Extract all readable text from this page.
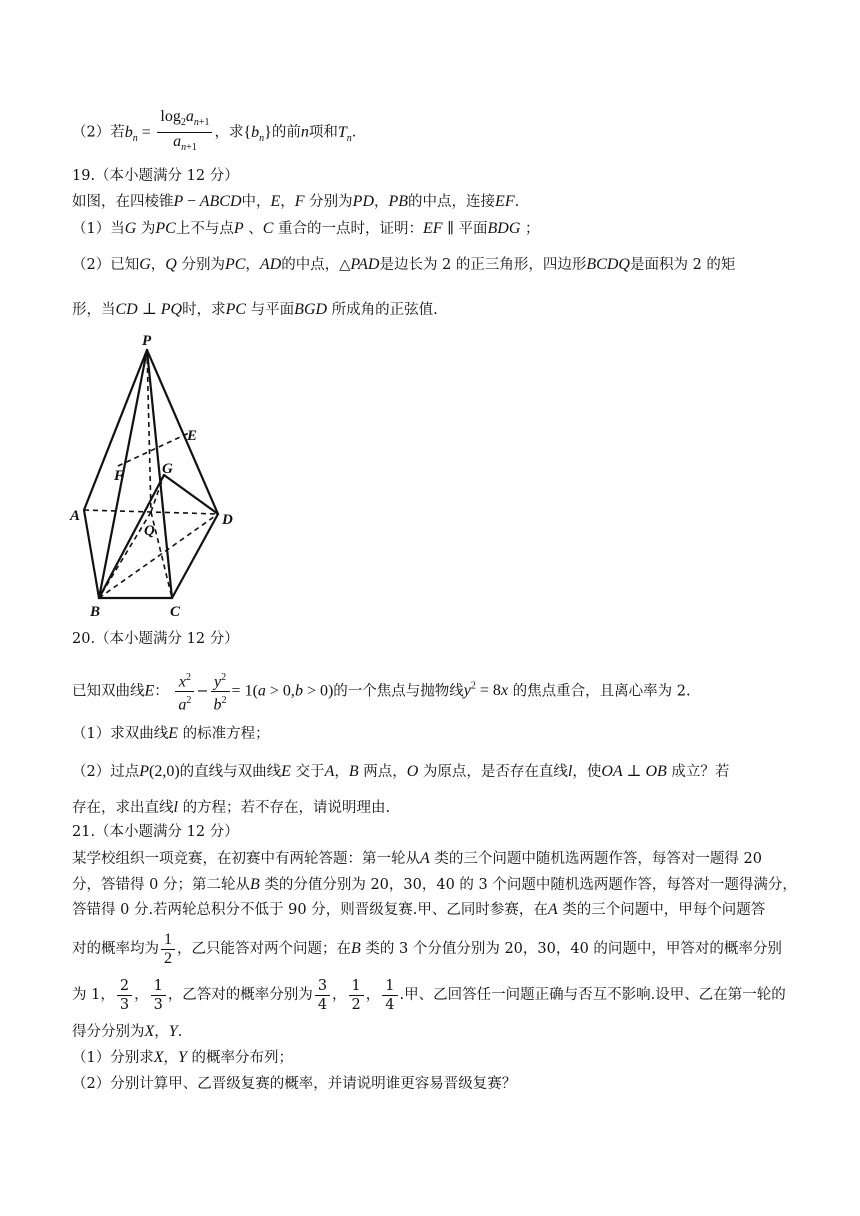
（2）若$b_n = \frac{\log_2a_{n+1}}{a_{n+1}}$ ，求$\{b_n\}$的前n项和$T_n$.
19.（本小题满分 12 分）
如图，在四棱锥P − ABCD中，E，F 分别为PD，PB的中点，连接EF.
（1）当G 为PC上不与点P 、C 重合的一点时，证明：EF ∥ 平面BDG ；
（2）已知G，Q 分别为PC，AD的中点，△PAD是边长为 2 的正三角形，四边形BCDQ是面积为 2 的矩
形，当CD ⊥ PQ时，求PC 与平面BGD 所成角的正弦值.
P
E
F	G
A
Q
D
B	C
20.（本小题满分 12 分）
已知双曲线E： $\frac{x^2}{a^2} - \frac{y^2}{b^2} = 1(a > 0,b > 0)$的一个焦点与抛物线$y^2 = 8x$ 的焦点重合，且离心率为 2.
（1）求双曲线E 的标准方程；
（2）过点P(2,0)的直线与双曲线E 交于A，B 两点，O 为原点，是否存在直线l，使OA ⊥ OB 成立？若
存在，求出直线l 的方程；若不存在，请说明理由.
21.（本小题满分 12 分）
某学校组织一项竞赛，在初赛中有两轮答题：第一轮从A 类的三个问题中随机选两题作答，每答对一题得 20
分，答错得 0 分；第二轮从B 类的分值分别为 20，30，40 的 3 个问题中随机选两题作答，每答对一题得满分，
答错得 0 分.若两轮总积分不低于 90 分，则晋级复赛.甲、乙同时参赛，在A 类的三个问题中，甲每个问题答
对的概率均为 $\frac{1}{2}$ ，乙只能答对两个问题；在B 类的 3 个分值分别为 20，30，40 的问题中，甲答对的概率分别
为 1， $\frac{2}{3}$ ， $\frac{1}{3}$ ，乙答对的概率分别为 $\frac{3}{4}$ ， $\frac{1}{2}$ ， $\frac{1}{4}$ .甲、乙回答任一问题正确与否互不影响.设甲、乙在第一轮的
得分分别为X，Y.
（1）分别求X，Y 的概率分布列；
（2）分别计算甲、乙晋级复赛的概率，并请说明谁更容易晋级复赛？
